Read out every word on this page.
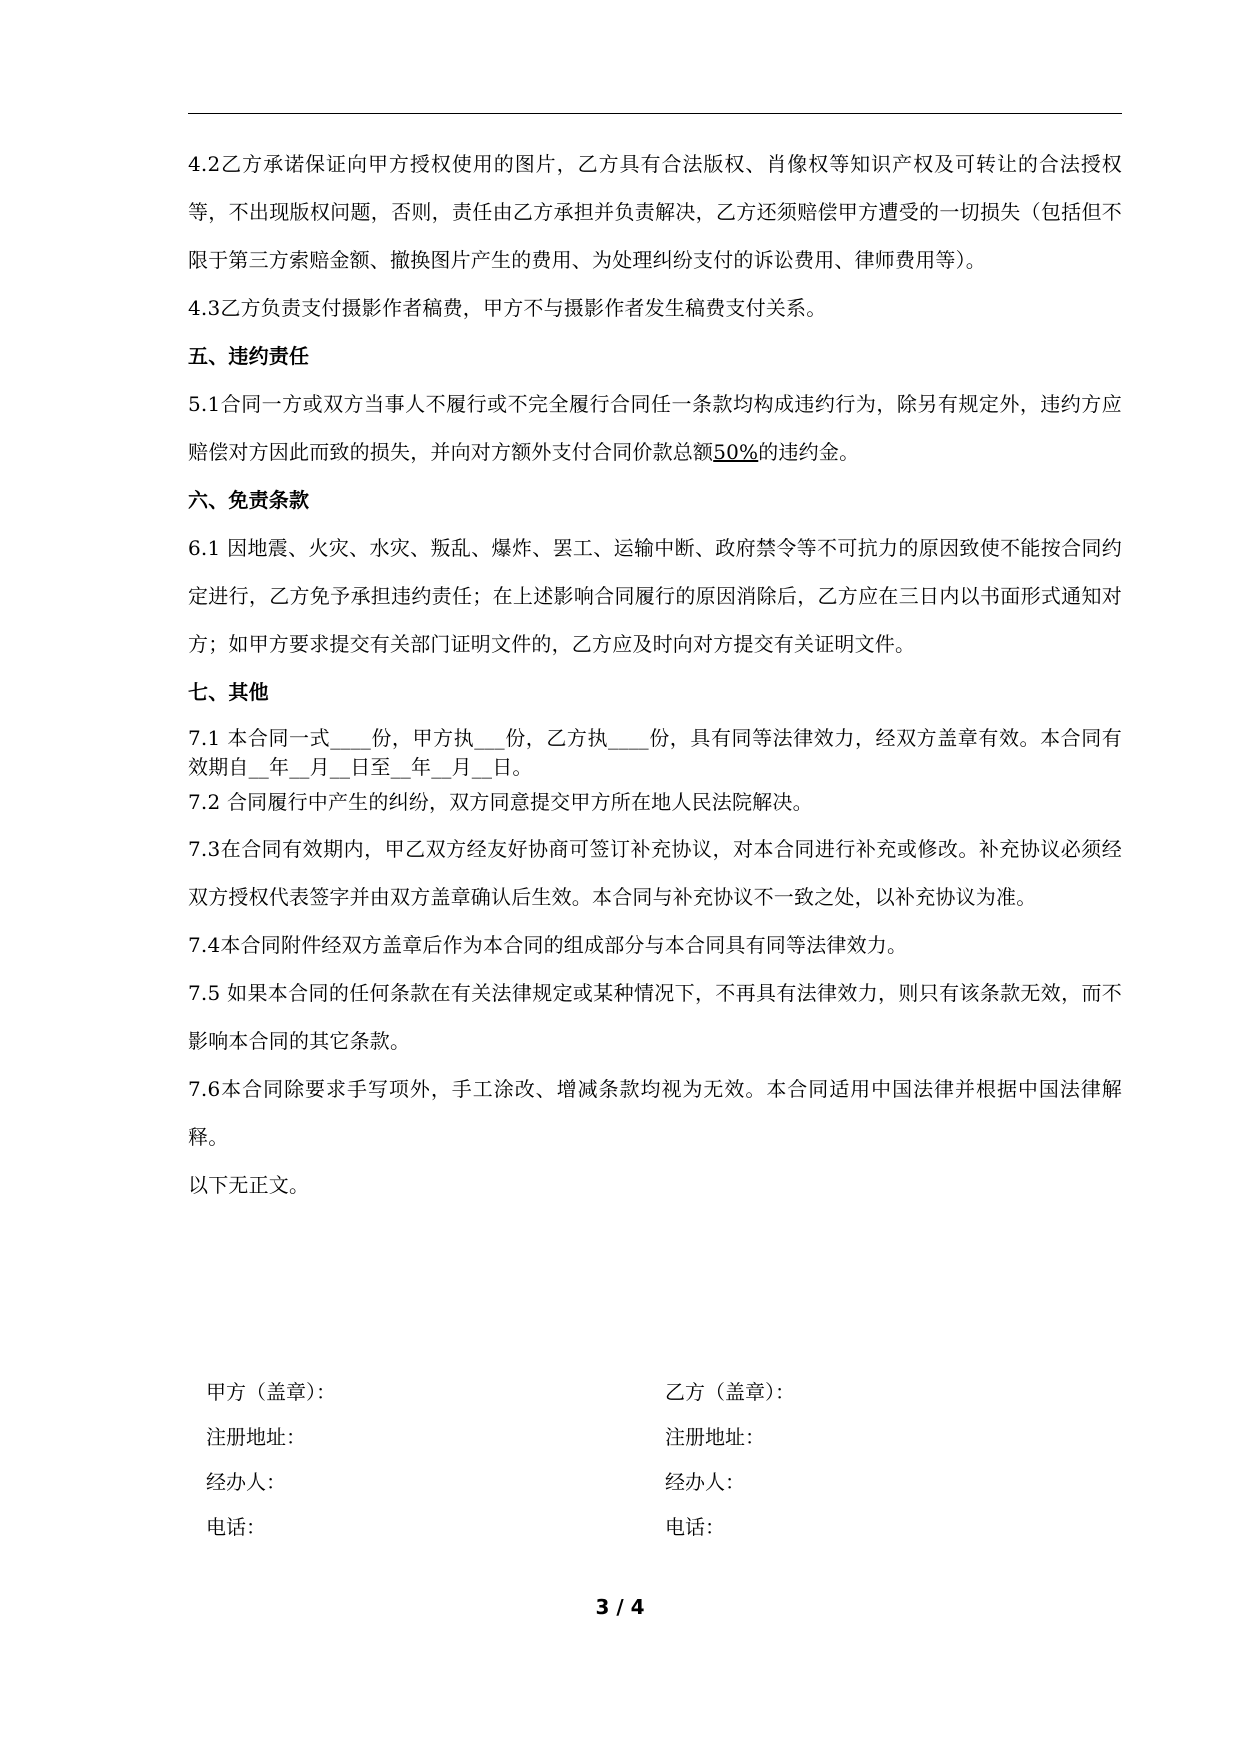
4.2乙方承诺保证向甲方授权使用的图片，乙方具有合法版权、肖像权等知识产权及可转让的合法授权等，不出现版权问题，否则，责任由乙方承担并负责解决，乙方还须赔偿甲方遭受的一切损失（包括但不限于第三方索赔金额、撤换图片产生的费用、为处理纠纷支付的诉讼费用、律师费用等）。

4.3乙方负责支付摄影作者稿费，甲方不与摄影作者发生稿费支付关系。

五、违约责任

5.1合同一方或双方当事人不履行或不完全履行合同任一条款均构成违约行为，除另有规定外，违约方应赔偿对方因此而致的损失，并向对方额外支付合同价款总额50%的违约金。

六、免责条款

6.1 因地震、火灾、水灾、叛乱、爆炸、罢工、运输中断、政府禁令等不可抗力的原因致使不能按合同约定进行，乙方免予承担违约责任；在上述影响合同履行的原因消除后，乙方应在三日内以书面形式通知对方；如甲方要求提交有关部门证明文件的，乙方应及时向对方提交有关证明文件。

七、其他

7.1 本合同一式____份，甲方执___份，乙方执____份，具有同等法律效力，经双方盖章有效。本合同有效期自__年__月__日至__年__月__日。

7.2 合同履行中产生的纠纷，双方同意提交甲方所在地人民法院解决。

7.3在合同有效期内，甲乙双方经友好协商可签订补充协议，对本合同进行补充或修改。补充协议必须经双方授权代表签字并由双方盖章确认后生效。本合同与补充协议不一致之处，以补充协议为准。

7.4本合同附件经双方盖章后作为本合同的组成部分与本合同具有同等法律效力。

7.5 如果本合同的任何条款在有关法律规定或某种情况下，不再具有法律效力，则只有该条款无效，而不影响本合同的其它条款。

7.6本合同除要求手写项外，手工涂改、增减条款均视为无效。本合同适用中国法律并根据中国法律解释。

以下无正文。

甲方（盖章）：
注册地址：
经办人：
电话：
乙方（盖章）：
注册地址：
经办人：
电话：
3 / 4
